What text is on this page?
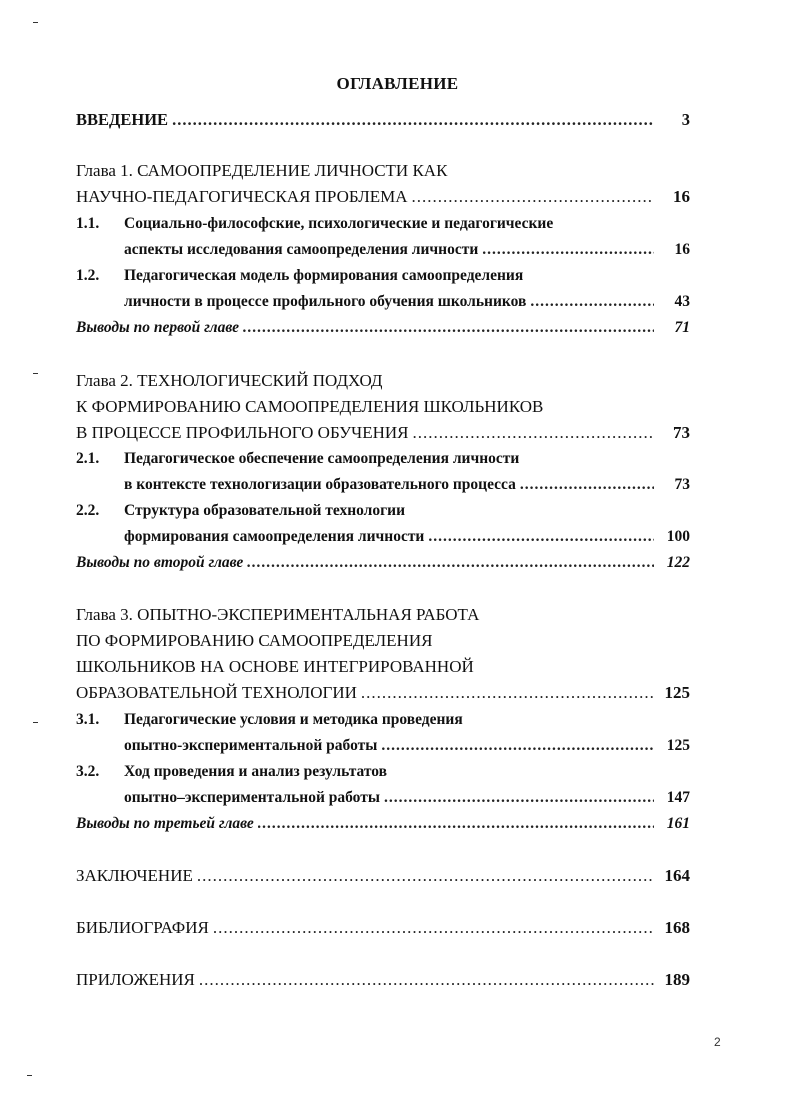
ОГЛАВЛЕНИЕ
ВВЕДЕНИЕ .....	3
Глава 1. САМООПРЕДЕЛЕНИЕ ЛИЧНОСТИ КАК
НАУЧНО-ПЕДАГОГИЧЕСКАЯ ПРОБЛЕМА .....	16
1.1. Социально-философские, психологические и педагогические
аспекты исследования самоопределения личности .....	16
1.2. Педагогическая модель формирования самоопределения
личности в процессе профильного обучения школьников .....	43
Выводы по первой главе .....	71
Глава 2. ТЕХНОЛОГИЧЕСКИЙ ПОДХОД
К ФОРМИРОВАНИЮ САМООПРЕДЕЛЕНИЯ ШКОЛЬНИКОВ
В ПРОЦЕССЕ ПРОФИЛЬНОГО ОБУЧЕНИЯ .....	73
2.1. Педагогическое обеспечение самоопределения личности
в контексте технологизации образовательного процесса .....	73
2.2. Структура образовательной технологии
формирования самоопределения личности .....	100
Выводы по второй главе .....	122
Глава 3. ОПЫТНО-ЭКСПЕРИМЕНТАЛЬНАЯ РАБОТА
ПО ФОРМИРОВАНИЮ САМООПРЕДЕЛЕНИЯ
ШКОЛЬНИКОВ НА ОСНОВЕ ИНТЕГРИРОВАННОЙ
ОБРАЗОВАТЕЛЬНОЙ ТЕХНОЛОГИИ .....	125
3.1. Педагогические условия и методика проведения
опытно-экспериментальной работы .....	125
3.2. Ход проведения и анализ результатов
опытно–экспериментальной работы .....	147
Выводы по третьей главе .....	161
ЗАКЛЮЧЕНИЕ .....	164
БИБЛИОГРАФИЯ .....	168
ПРИЛОЖЕНИЯ .....	189
2
